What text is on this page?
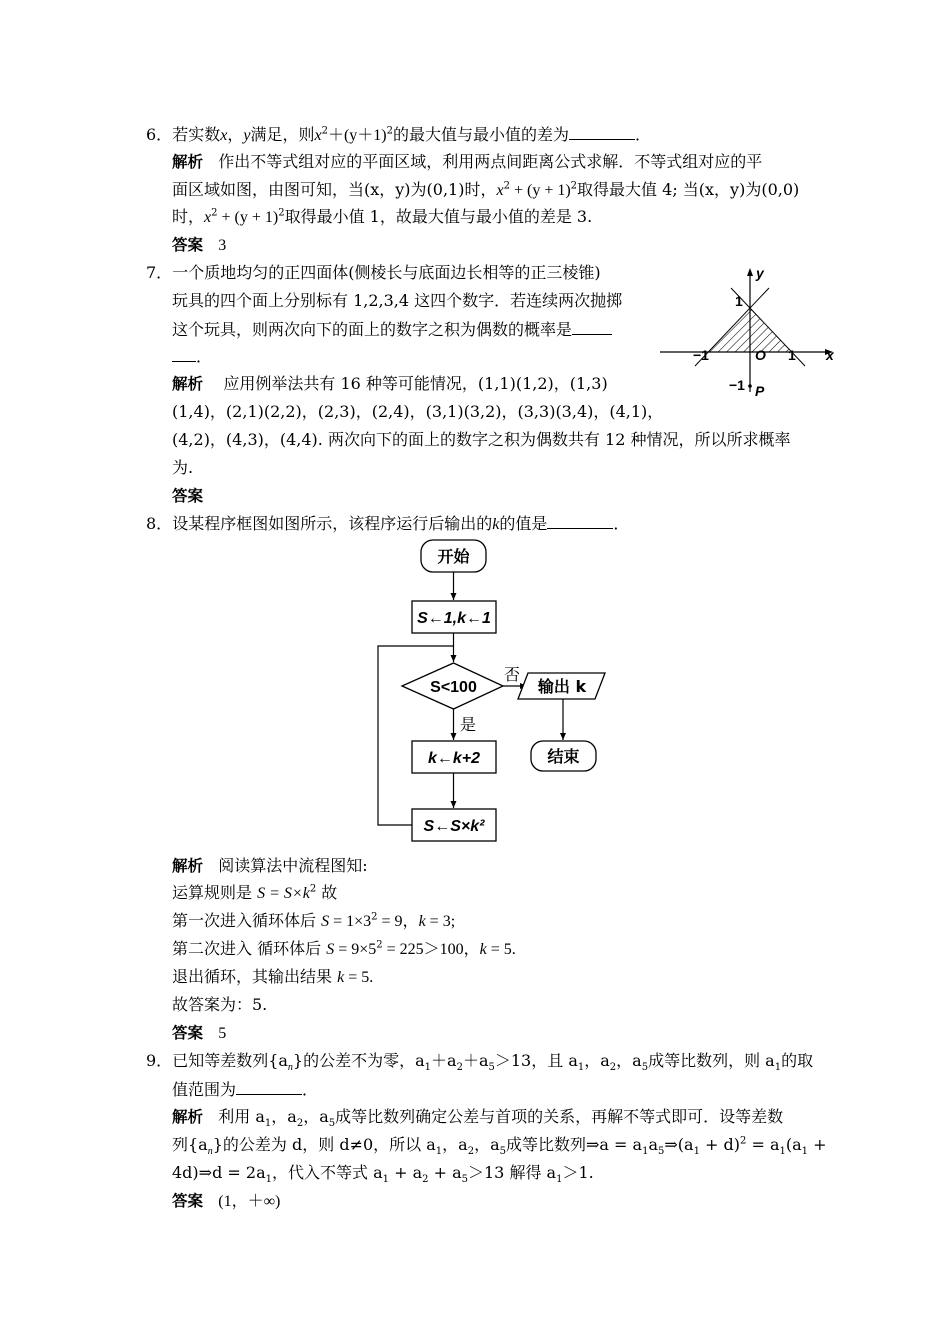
6．若实数x，y满足，则$x^2+(y+1)^2$的最大值与最小值的差为	．
解析 作出不等式组对应的平面区域，利用两点间距离公式求解．不等式组对应的平
面区域如图，由图可知，当(x，y)为(0,1)时，$x^2 + (y + 1)^2$取得最大值 4; 当(x，y)为(0,0)
时，$x^2 + (y + 1)^2$取得最小值 1，故最大值与最小值的差是 3.
答案 3
7．一个质地均匀的正四面体(侧棱长与底面边长相等的正三棱锥)
玩具的四个面上分别标有 1,2,3,4 这四个数字．若连续两次抛掷
这个玩具，则两次向下的面上的数字之积为偶数的概率是
．
解析 应用例举法共有 16 种等可能情况，(1,1)(1,2)，(1,3)
(1,4)，(2,1)(2,2)，(2,3)，(2,4)，(3,1)(3,2)，(3,3)(3,4)，(4,1)，
(4,2)，(4,3)，(4,4). 两次向下的面上的数字之积为偶数共有 12 种情况，所以所求概率
为.
答案
y
x
O
1
−1	1
−1 P
8．设某程序框图如图所示，该程序运行后输出的k的值是	．
开始
S←1,k←1
S<100
否
输出 k
结束
是
k←k+2
S←S×k²
解析 阅读算法中流程图知:
运算规则是 $S = S\times k^2$ 故
第一次进入循环体后 $S = 1\times 3^2 = 9$，k = 3;
第二次进入 循环体后 $S = 9\times 5^2 = 225>100$，k = 5.
退出循环，其输出结果 k = 5.
故答案为：5.
答案 5
9．已知等差数列$\{a_n\}$的公差不为零，$a_1+a_2+a_5>13$，且 $a_1$，$a_2$，$a_5$成等比数列，则 $a_1$的取
值范围为	．
解析 利用 $a_1$，$a_2$，$a_5$成等比数列确定公差与首项的关系，再解不等式即可．设等差数
列$\{a_n\}$的公差为 d，则 d≠0，所以 $a_1$，$a_2$，$a_5$成等比数列⇒a = $a_1a_5\Rightarrow(a_1 + d)^2 = a_1(a_1$ +
4d)⇒d = $2a_1$，代入不等式 $a_1 + a_2 + a_5>13$ 解得 $a_1>1$.
答案 (1，＋∞)
